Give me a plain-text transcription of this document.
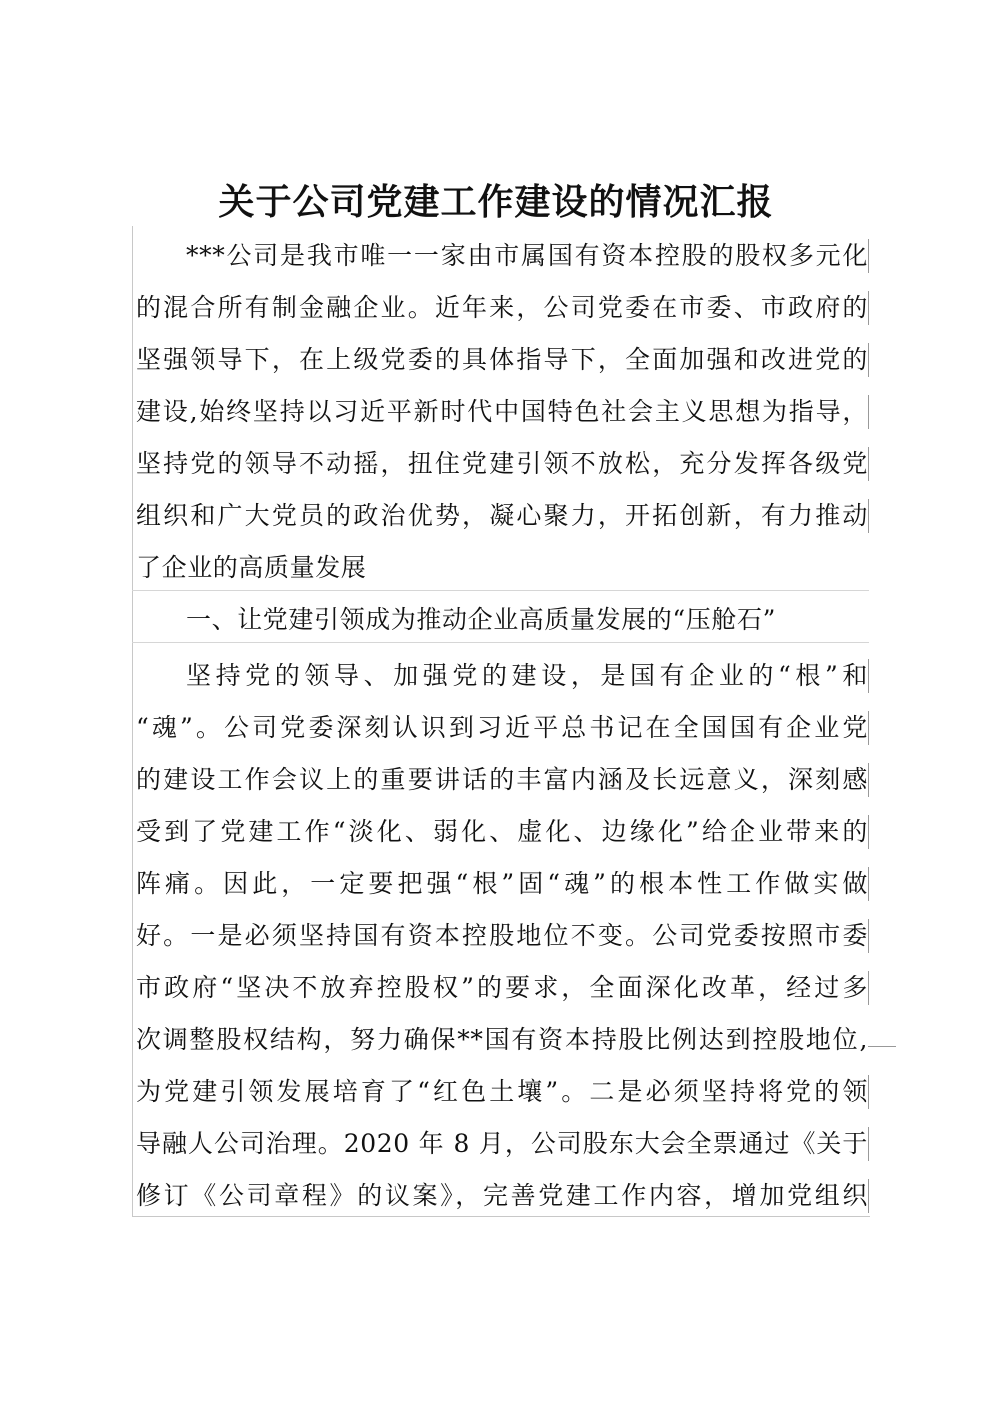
关于公司党建工作建设的情况汇报
***公司是我市唯一一家由市属国有资本控股的股权多元化
的混合所有制金融企业。近年来，公司党委在市委、市政府的
坚强领导下，在上级党委的具体指导下，全面加强和改进党的
建设,始终坚持以习近平新时代中国特色社会主义思想为指导，
坚持党的领导不动摇，扭住党建引领不放松，充分发挥各级党
组织和广大党员的政治优势，凝心聚力，开拓创新，有力推动
了企业的高质量发展
一、让党建引领成为推动企业高质量发展的“压舱石”
坚持党的领导、加强党的建设，是国有企业的“根”和
“魂”。公司党委深刻认识到习近平总书记在全国国有企业党
的建设工作会议上的重要讲话的丰富内涵及长远意义，深刻感
受到了党建工作“淡化、弱化、虚化、边缘化”给企业带来的
阵痛。因此，一定要把强“根”固“魂”的根本性工作做实做
好。一是必须坚持国有资本控股地位不变。公司党委按照市委
市政府“坚决不放弃控股权”的要求，全面深化改革，经过多
次调整股权结构，努力确保**国有资本持股比例达到控股地位,
为党建引领发展培育了“红色土壤”。二是必须坚持将党的领
导融人公司治理。2020 年 8 月，公司股东大会全票通过《关于
修订《公司章程》的议案》，完善党建工作内容，增加党组织
